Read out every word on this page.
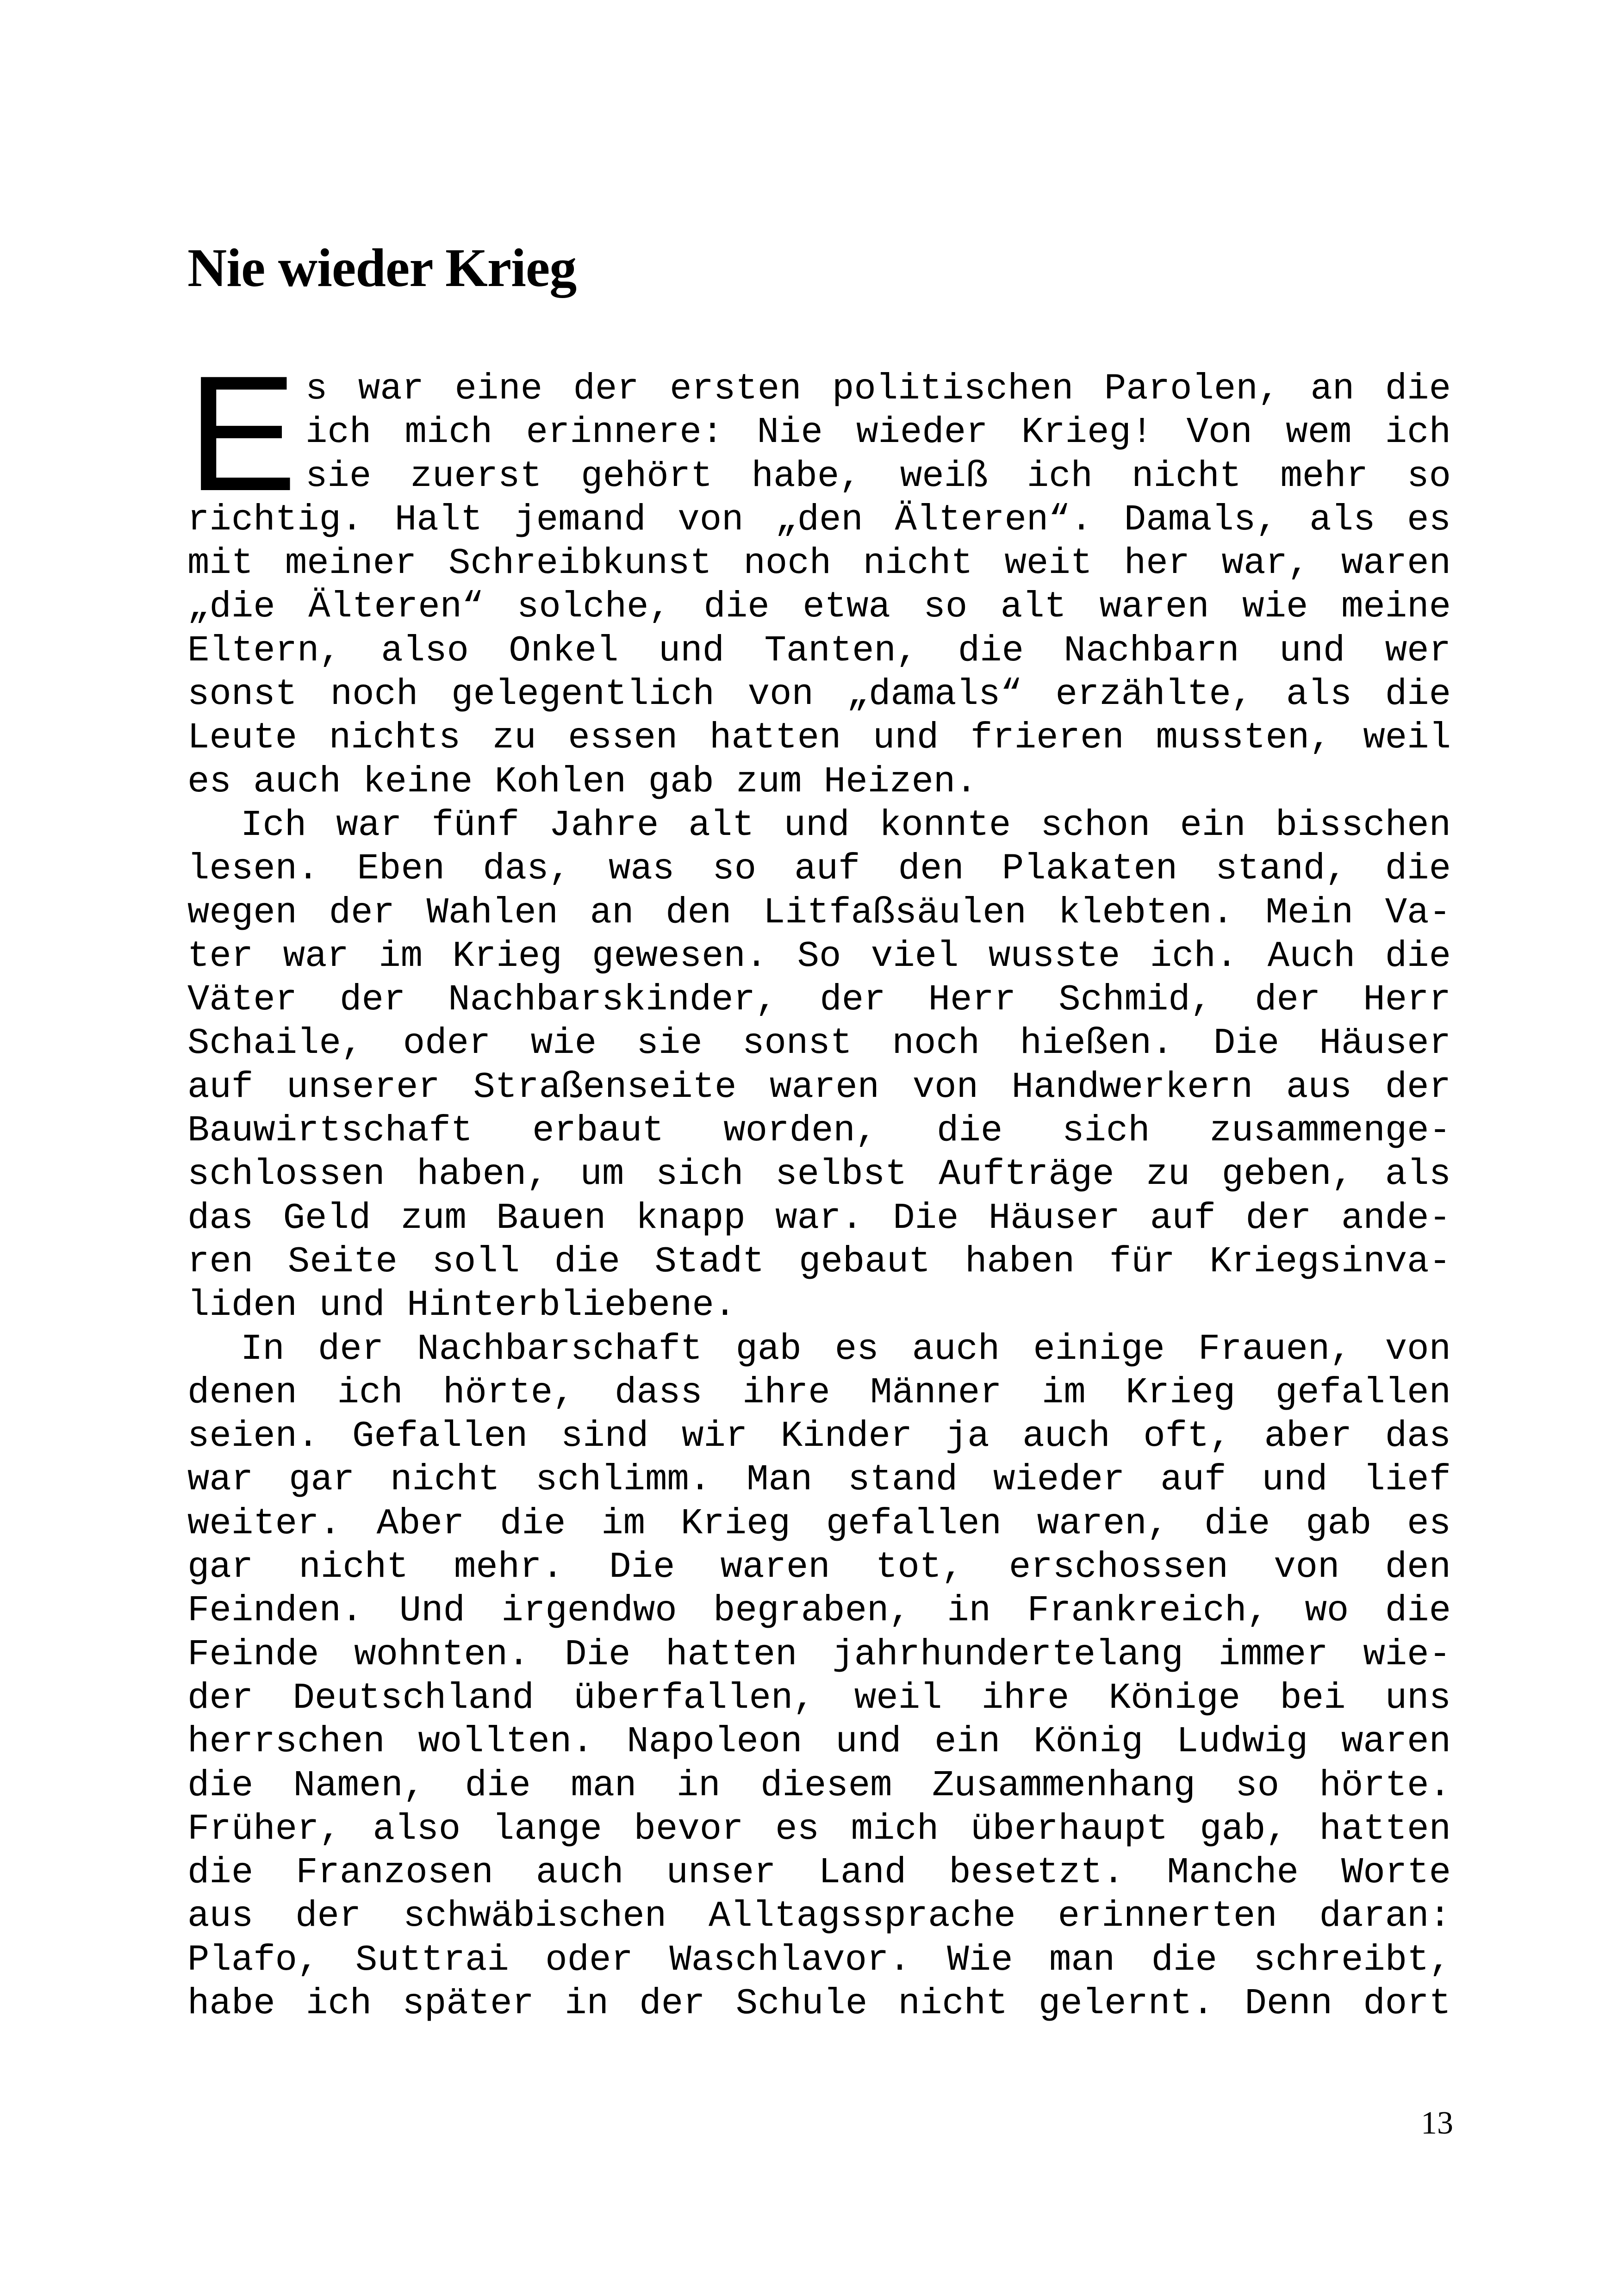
Nie wieder Krieg
E s war eine der ersten politischen Parolen, an die
ich mich erinnere: Nie wieder Krieg! Von wem ich
sie zuerst gehört habe, weiß ich nicht mehr so
richtig. Halt jemand von „den Älteren“. Damals, als es
mit meiner Schreibkunst noch nicht weit her war, waren
„die Älteren“ solche, die etwa so alt waren wie meine
Eltern, also Onkel und Tanten, die Nachbarn und wer
sonst noch gelegentlich von „damals“ erzählte, als die
Leute nichts zu essen hatten und frieren mussten, weil
es auch keine Kohlen gab zum Heizen.
Ich war fünf Jahre alt und konnte schon ein bisschen
lesen. Eben das, was so auf den Plakaten stand, die
wegen der Wahlen an den Litfaßsäulen klebten. Mein Va-
ter war im Krieg gewesen. So viel wusste ich. Auch die
Väter der Nachbarskinder, der Herr Schmid, der Herr
Schaile, oder wie sie sonst noch hießen. Die Häuser
auf unserer Straßenseite waren von Handwerkern aus der
Bauwirtschaft erbaut worden, die sich zusammenge-
schlossen haben, um sich selbst Aufträge zu geben, als
das Geld zum Bauen knapp war. Die Häuser auf der ande-
ren Seite soll die Stadt gebaut haben für Kriegsinva-
liden und Hinterbliebene.
In der Nachbarschaft gab es auch einige Frauen, von
denen ich hörte, dass ihre Männer im Krieg gefallen
seien. Gefallen sind wir Kinder ja auch oft, aber das
war gar nicht schlimm. Man stand wieder auf und lief
weiter. Aber die im Krieg gefallen waren, die gab es
gar nicht mehr. Die waren tot, erschossen von den
Feinden. Und irgendwo begraben, in Frankreich, wo die
Feinde wohnten. Die hatten jahrhundertelang immer wie-
der Deutschland überfallen, weil ihre Könige bei uns
herrschen wollten. Napoleon und ein König Ludwig waren
die Namen, die man in diesem Zusammenhang so hörte.
Früher, also lange bevor es mich überhaupt gab, hatten
die Franzosen auch unser Land besetzt. Manche Worte
aus der schwäbischen Alltagssprache erinnerten daran:
Plafo, Suttrai oder Waschlavor. Wie man die schreibt,
habe ich später in der Schule nicht gelernt. Denn dort
13
